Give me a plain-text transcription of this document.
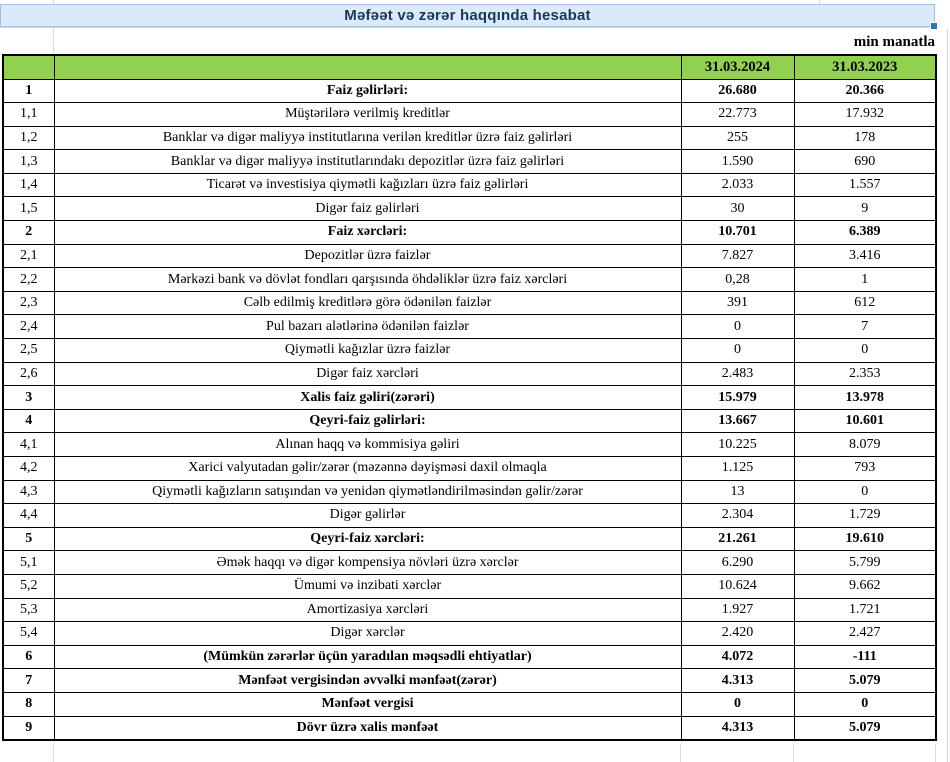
Məfəət və zərər haqqında hesabat
min manatla
		31.03.2024	31.03.2023
1	Faiz gəlirləri:	26.680	20.366
1,1	Müştərilərə verilmiş kreditlər	22.773	17.932
1,2	Banklar və digər maliyyə institutlarına verilən kreditlər üzrə faiz gəlirləri	255	178
1,3	Banklar və digər maliyyə institutlarındakı depozitlər üzrə faiz gəlirləri	1.590	690
1,4	Ticarət və investisiya qiymətli kağızları üzrə faiz gəlirləri	2.033	1.557
1,5	Digər faiz gəlirləri	30	9
2	Faiz xərcləri:	10.701	6.389
2,1	Depozitlər üzrə faizlər	7.827	3.416
2,2	Mərkəzi bank və dövlət fondları qarşısında öhdəliklər üzrə faiz xərcləri	0,28	1
2,3	Cəlb edilmiş kreditlərə görə ödənilən faizlər	391	612
2,4	Pul bazarı alətlərinə ödənilən faizlər	0	7
2,5	Qiymətli kağızlar üzrə faizlər	0	0
2,6	Digər faiz xərcləri	2.483	2.353
3	Xalis faiz gəliri(zərəri)	15.979	13.978
4	Qeyri-faiz gəlirləri:	13.667	10.601
4,1	Alınan haqq və kommisiya gəliri	10.225	8.079
4,2	Xarici valyutadan gəlir/zərər (məzənnə dəyişməsi daxil olmaqla	1.125	793
4,3	Qiymətli kağızların satışından və yenidən qiymətləndirilməsindən gəlir/zərər	13	0
4,4	Digər gəlirlər	2.304	1.729
5	Qeyri-faiz xərcləri:	21.261	19.610
5,1	Əmək haqqı və digər kompensiya növləri üzrə xərclər	6.290	5.799
5,2	Ümumi və inzibati xərclər	10.624	9.662
5,3	Amortizasiya xərcləri	1.927	1.721
5,4	Digər xərclər	2.420	2.427
6	(Mümkün zərərlər üçün yaradılan məqsədli ehtiyatlar)	4.072	-111
7	Mənfəət vergisindən əvvəlki mənfəət(zərər)	4.313	5.079
8	Mənfəət vergisi	0	0
9	Dövr üzrə xalis mənfəət	4.313	5.079
